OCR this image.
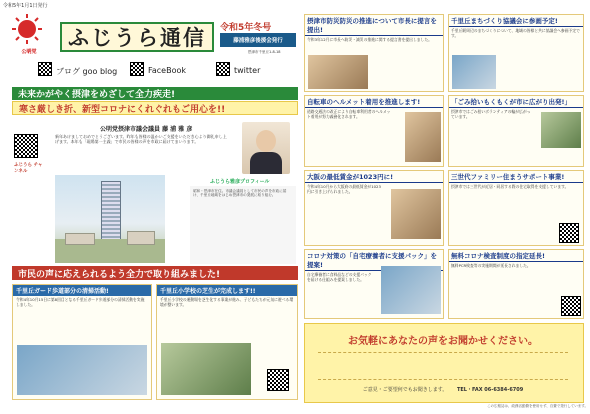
令和5年1月1日発行
公明党
ふじうら通信 令和5年冬号
藤浦雅彦後援会発行
摂津市千里丘1-8-18
ブログ goo blog	FaceBook	twitter
未来かがやく摂津をめざして全力疾走!
寒さ厳しき折、新型コロナにくれぐれもご用心を!!
公明党摂津市議会議員 藤 浦 雅 彦
新年あけましておめでとうございます。昨年も皆様の温かいご支援をいただき心より御礼申し上げます。本年も「現場第一主義」で市民の皆様の声を市政に届けてまいります。
ふじうら チャンネル
ふじうら雅彦プロフィール
昭和・摂津市在住。市議会議員として市民の声を市政に届け、千里丘地域をはじめ摂津市の発展に取り組む。
市民の声に応えられるよう全力で取り組みました!
千里丘ガード歩道部分の清掃活動!
令和4年10月15日に第8回目となる千里丘ガード歩道部分の清掃活動を実施しました。
千里丘小学校の芝生が完成します!!
千里丘小学校の運動場を芝生化する事業が進み、子どもたちが元気に遊べる環境が整います。
摂津市防災防災の推進について市長に提言を提出!
令和3年12月に市長へ防災・減災の推進に関する提言書を提出しました。
千里丘まちづくり協議会に参画予定!
千里丘駅周辺のまちづくりについて、地域の皆様と共に協議会へ参画予定です。
自転車のヘルメット着用を推進します!
道路交通法の改正により自転車利用者のヘルメット着用が努力義務化されます。
「ごみ拾いもくもくが市に広がり出発!」
摂津市ではごみ拾いボランティアの輪が広がっています。
大阪の最低賃金が1023円に!
令和4年10月から大阪府の最低賃金が1023円に引き上げられました。
三世代ファミリー住まうサポート事業!
摂津市では三世代が近居・同居する際の住宅取得を支援しています。
コロナ対策の「自宅療養者に支援パック」を提案!
自宅療養者に食料品などの支援パックを届ける仕組みを提案しました。
無料コロナ検査制度の指定延長!
無料PCR検査等の実施期間が延長されました。
お気軽にあなたの声をお聞かせください。
ご意見・ご要望何でもお聞きします。 TEL・FAX 06-6384-6709
この広報誌は、政務活動費を使用せず、自費で発行しています。
